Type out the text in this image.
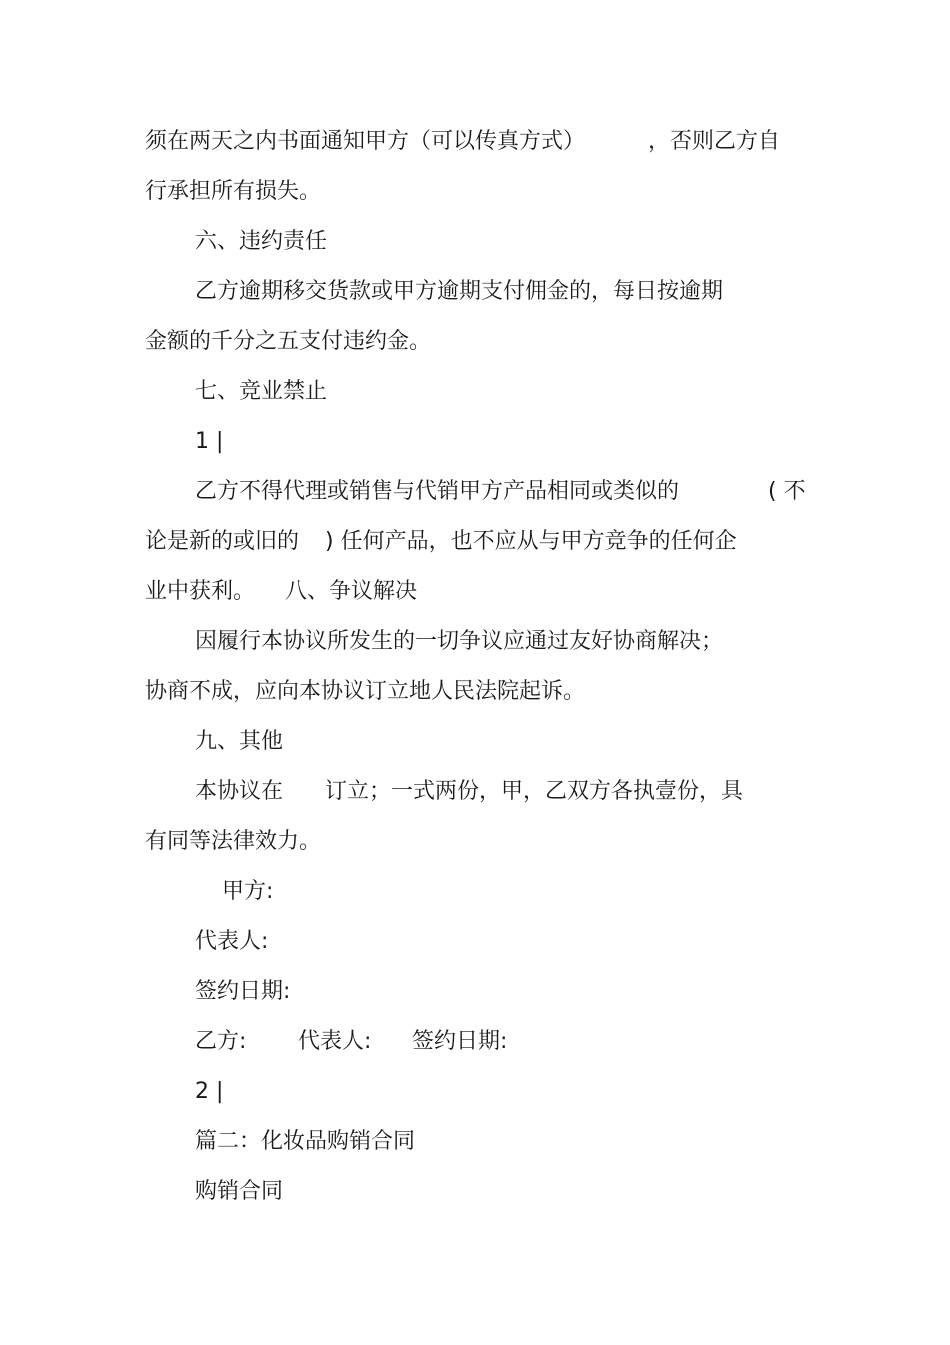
须在两天之内书面通知甲方（可以传真方式）	，否则乙方自

行承担所有损失。

六、违约责任

乙方逾期移交货款或甲方逾期支付佣金的，每日按逾期

金额的千分之五支付违约金。

七、竞业禁止

1 |

乙方不得代理或销售与代销甲方产品相同或类似的	( 不

论是新的或旧的 ) 任何产品，也不应从与甲方竞争的任何企

业中获利。 八、争议解决

因履行本协议所发生的一切争议应通过友好协商解决；

协商不成，应向本协议订立地人民法院起诉。

九、其他

本协议在 订立；一式两份，甲，乙双方各执壹份，具

有同等法律效力。

甲方:

代表人:

签约日期:

乙方: 代表人: 签约日期:

2 |

篇二：化妆品购销合同
购销合同
